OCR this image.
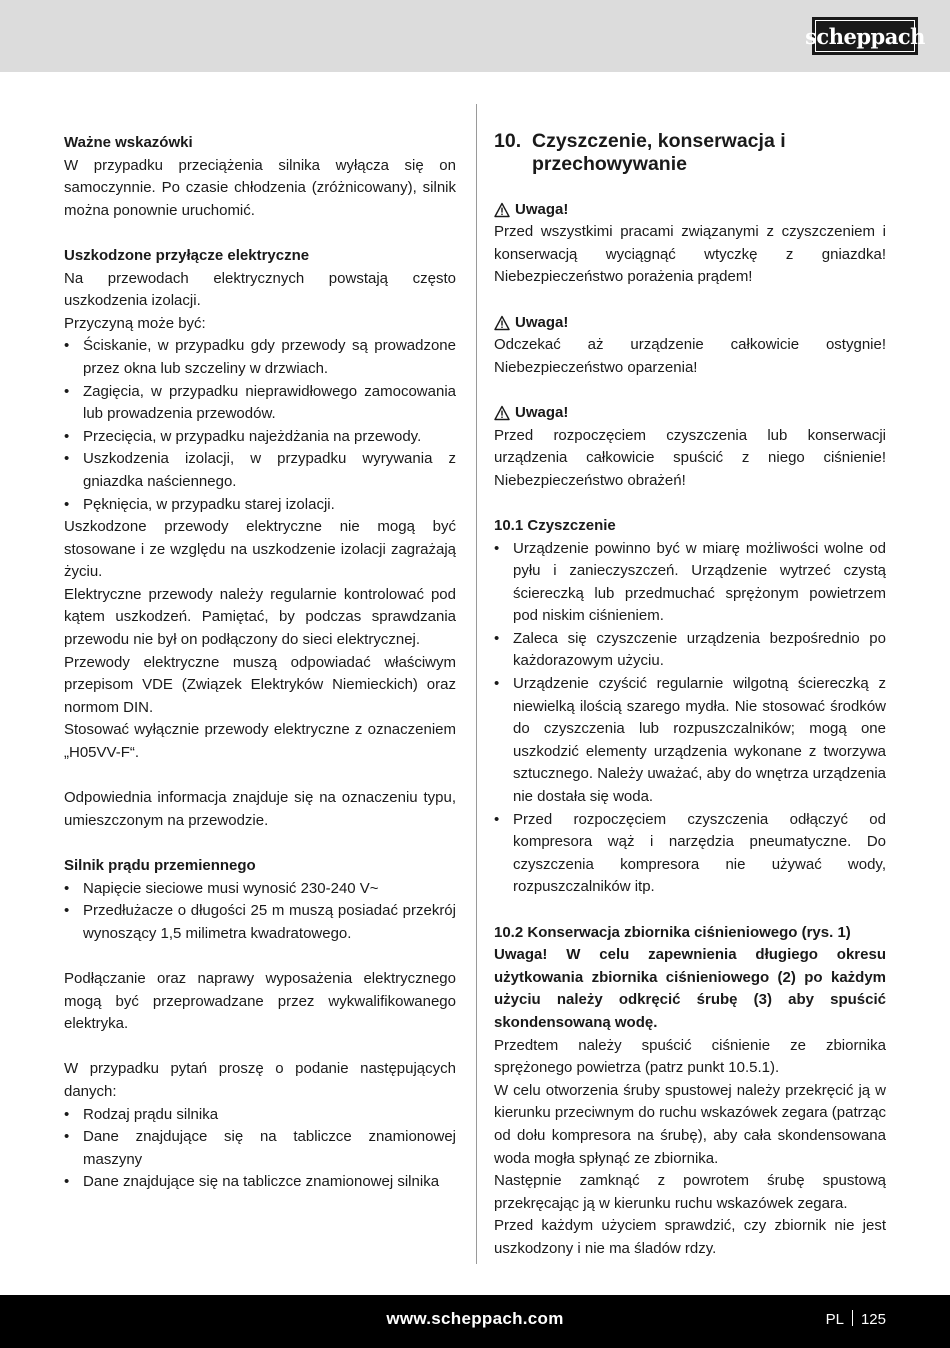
scheppach

Ważne wskazówki

W przypadku przeciążenia silnika wyłącza się on samoczynnie. Po czasie chłodzenia (zróżnicowany), silnik można ponownie uruchomić.

Uszkodzone przyłącze elektryczne

Na przewodach elektrycznych powstają często uszkodzenia izolacji.

Przyczyną może być:

• Ściskanie, w przypadku gdy przewody są prowadzone przez okna lub szczeliny w drzwiach.
• Zagięcia, w przypadku nieprawidłowego zamocowania lub prowadzenia przewodów.
• Przecięcia, w przypadku najeżdżania na przewody.
• Uszkodzenia izolacji, w przypadku wyrywania z gniazdka naściennego.
• Pęknięcia, w przypadku starej izolacji.

Uszkodzone przewody elektryczne nie mogą być stosowane i ze względu na uszkodzenie izolacji zagrażają życiu.

Elektryczne przewody należy regularnie kontrolować pod kątem uszkodzeń. Pamiętać, by podczas sprawdzania przewodu nie był on podłączony do sieci elektrycznej.

Przewody elektryczne muszą odpowiadać właściwym przepisom VDE (Związek Elektryków Niemieckich) oraz normom DIN.

Stosować wyłącznie przewody elektryczne z oznaczeniem „H05VV-F“.

Odpowiednia informacja znajduje się na oznaczeniu typu, umieszczonym na przewodzie.

Silnik prądu przemiennego

• Napięcie sieciowe musi wynosić 230-240 V~
• Przedłużacze o długości 25 m muszą posiadać przekrój wynoszący 1,5 milimetra kwadratowego.

Podłączanie oraz naprawy wyposażenia elektrycznego mogą być przeprowadzane przez wykwalifikowanego elektryka.

W przypadku pytań proszę o podanie następujących danych:

• Rodzaj prądu silnika
• Dane znajdujące się na tabliczce znamionowej maszyny
• Dane znajdujące się na tabliczce znamionowej silnika
10. Czyszczenie, konserwacja i przechowywanie

Uwaga!

Przed wszystkimi pracami związanymi z czyszczeniem i konserwacją wyciągnąć wtyczkę z gniazdka! Niebezpieczeństwo porażenia prądem!

Uwaga!

Odczekać aż urządzenie całkowicie ostygnie! Niebezpieczeństwo oparzenia!

Uwaga!

Przed rozpoczęciem czyszczenia lub konserwacji urządzenia całkowicie spuścić z niego ciśnienie! Niebezpieczeństwo obrażeń!

10.1 Czyszczenie

• Urządzenie powinno być w miarę możliwości wolne od pyłu i zanieczyszczeń. Urządzenie wytrzeć czystą ściereczką lub przedmuchać sprężonym powietrzem pod niskim ciśnieniem.
• Zaleca się czyszczenie urządzenia bezpośrednio po każdorazowym użyciu.
• Urządzenie czyścić regularnie wilgotną ściereczką z niewielką ilością szarego mydła. Nie stosować środków do czyszczenia lub rozpuszczalników; mogą one uszkodzić elementy urządzenia wykonane z tworzywa sztucznego. Należy uważać, aby do wnętrza urządzenia nie dostała się woda.
• Przed rozpoczęciem czyszczenia odłączyć od kompresora wąż i narzędzia pneumatyczne. Do czyszczenia kompresora nie używać wody, rozpuszczalników itp.

10.2 Konserwacja zbiornika ciśnieniowego (rys. 1)

Uwaga! W celu zapewnienia długiego okresu użytkowania zbiornika ciśnieniowego (2) po każdym użyciu należy odkręcić śrubę (3) aby spuścić skondensowaną wodę.

Przedtem należy spuścić ciśnienie ze zbiornika sprężonego powietrza (patrz punkt 10.5.1).

W celu otworzenia śruby spustowej należy przekręcić ją w kierunku przeciwnym do ruchu wskazówek zegara (patrząc od dołu kompresora na śrubę), aby cała skondensowana woda mogła spłynąć ze zbiornika.

Następnie zamknąć z powrotem śrubę spustową przekręcając ją w kierunku ruchu wskazówek zegara.

Przed każdym użyciem sprawdzić, czy zbiornik nie jest uszkodzony i nie ma śladów rdzy.

www.scheppach.com	PL 125
